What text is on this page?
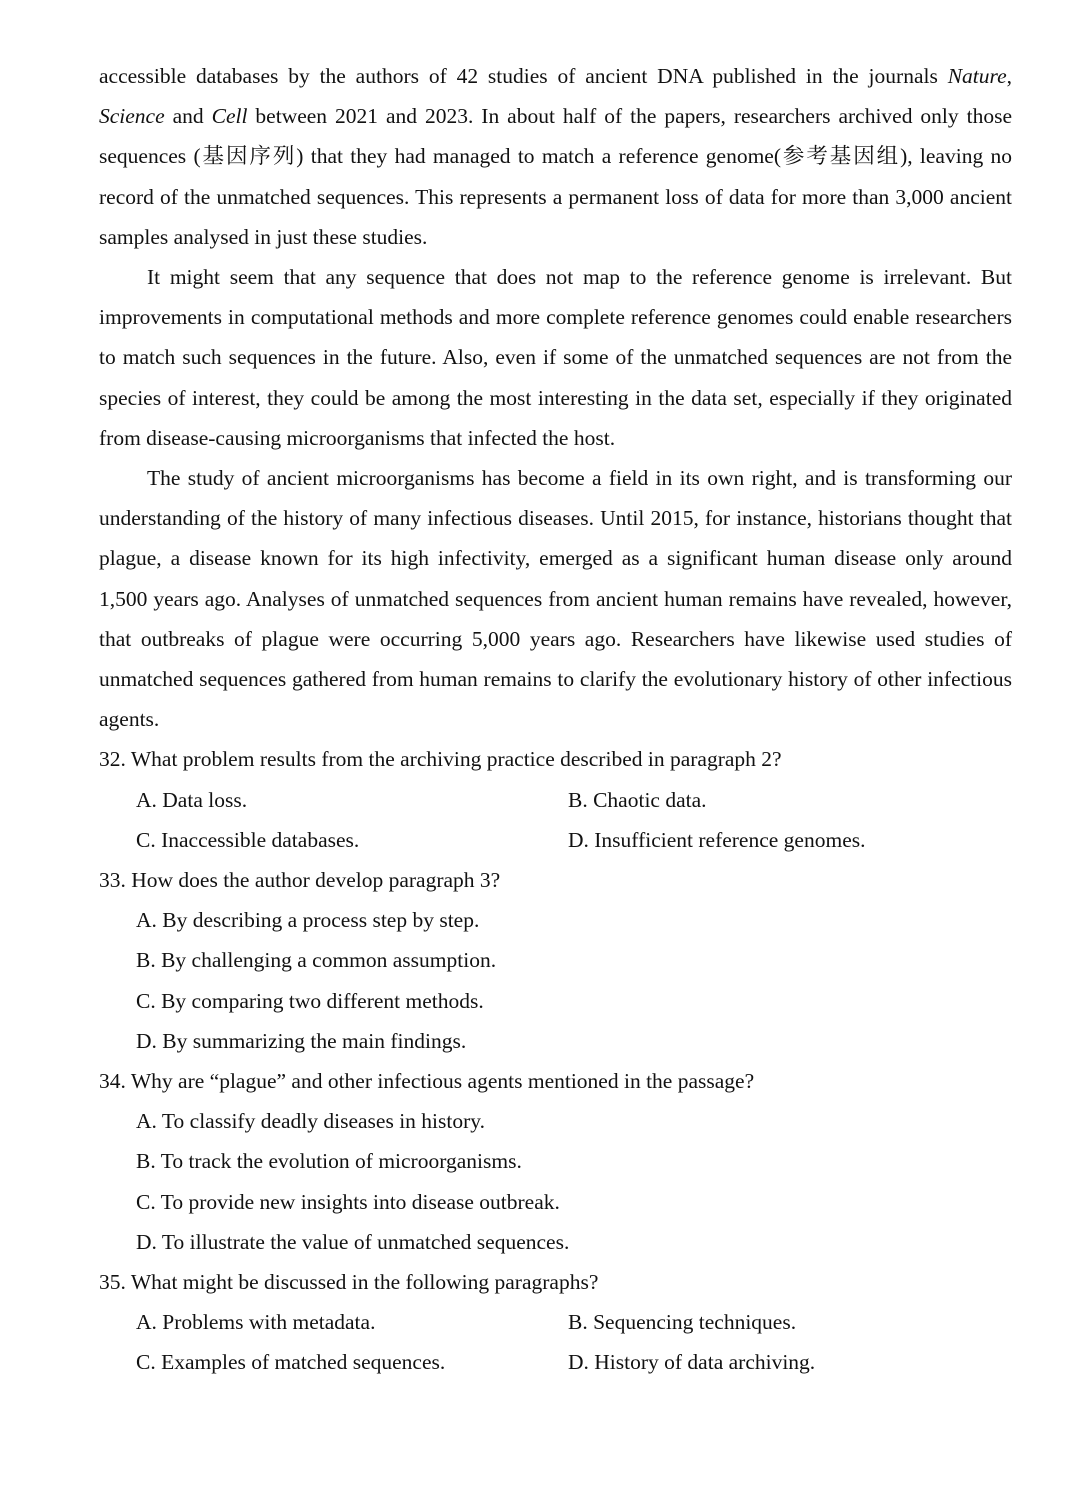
accessible databases by the authors of 42 studies of ancient DNA published in the journals Nature, Science and Cell between 2021 and 2023. In about half of the papers, researchers archived only those sequences (基因序列) that they had managed to match a reference genome(参考基因组), leaving no record of the unmatched sequences. This represents a permanent loss of data for more than 3,000 ancient samples analysed in just these studies.

It might seem that any sequence that does not map to the reference genome is irrelevant. But improvements in computational methods and more complete reference genomes could enable researchers to match such sequences in the future. Also, even if some of the unmatched sequences are not from the species of interest, they could be among the most interesting in the data set, especially if they originated from disease-causing microorganisms that infected the host.

The study of ancient microorganisms has become a field in its own right, and is transforming our understanding of the history of many infectious diseases. Until 2015, for instance, historians thought that plague, a disease known for its high infectivity, emerged as a significant human disease only around 1,500 years ago. Analyses of unmatched sequences from ancient human remains have revealed, however, that outbreaks of plague were occurring 5,000 years ago. Researchers have likewise used studies of unmatched sequences gathered from human remains to clarify the evolutionary history of other infectious agents.

32. What problem results from the archiving practice described in paragraph 2?
A. Data loss.	B. Chaotic data.
C. Inaccessible databases.	D. Insufficient reference genomes.
33. How does the author develop paragraph 3?
A. By describing a process step by step.
B. By challenging a common assumption.
C. By comparing two different methods.
D. By summarizing the main findings.
34. Why are “plague” and other infectious agents mentioned in the passage?
A. To classify deadly diseases in history.
B. To track the evolution of microorganisms.
C. To provide new insights into disease outbreak.
D. To illustrate the value of unmatched sequences.
35. What might be discussed in the following paragraphs?
A. Problems with metadata.	B. Sequencing techniques.
C. Examples of matched sequences.	D. History of data archiving.
